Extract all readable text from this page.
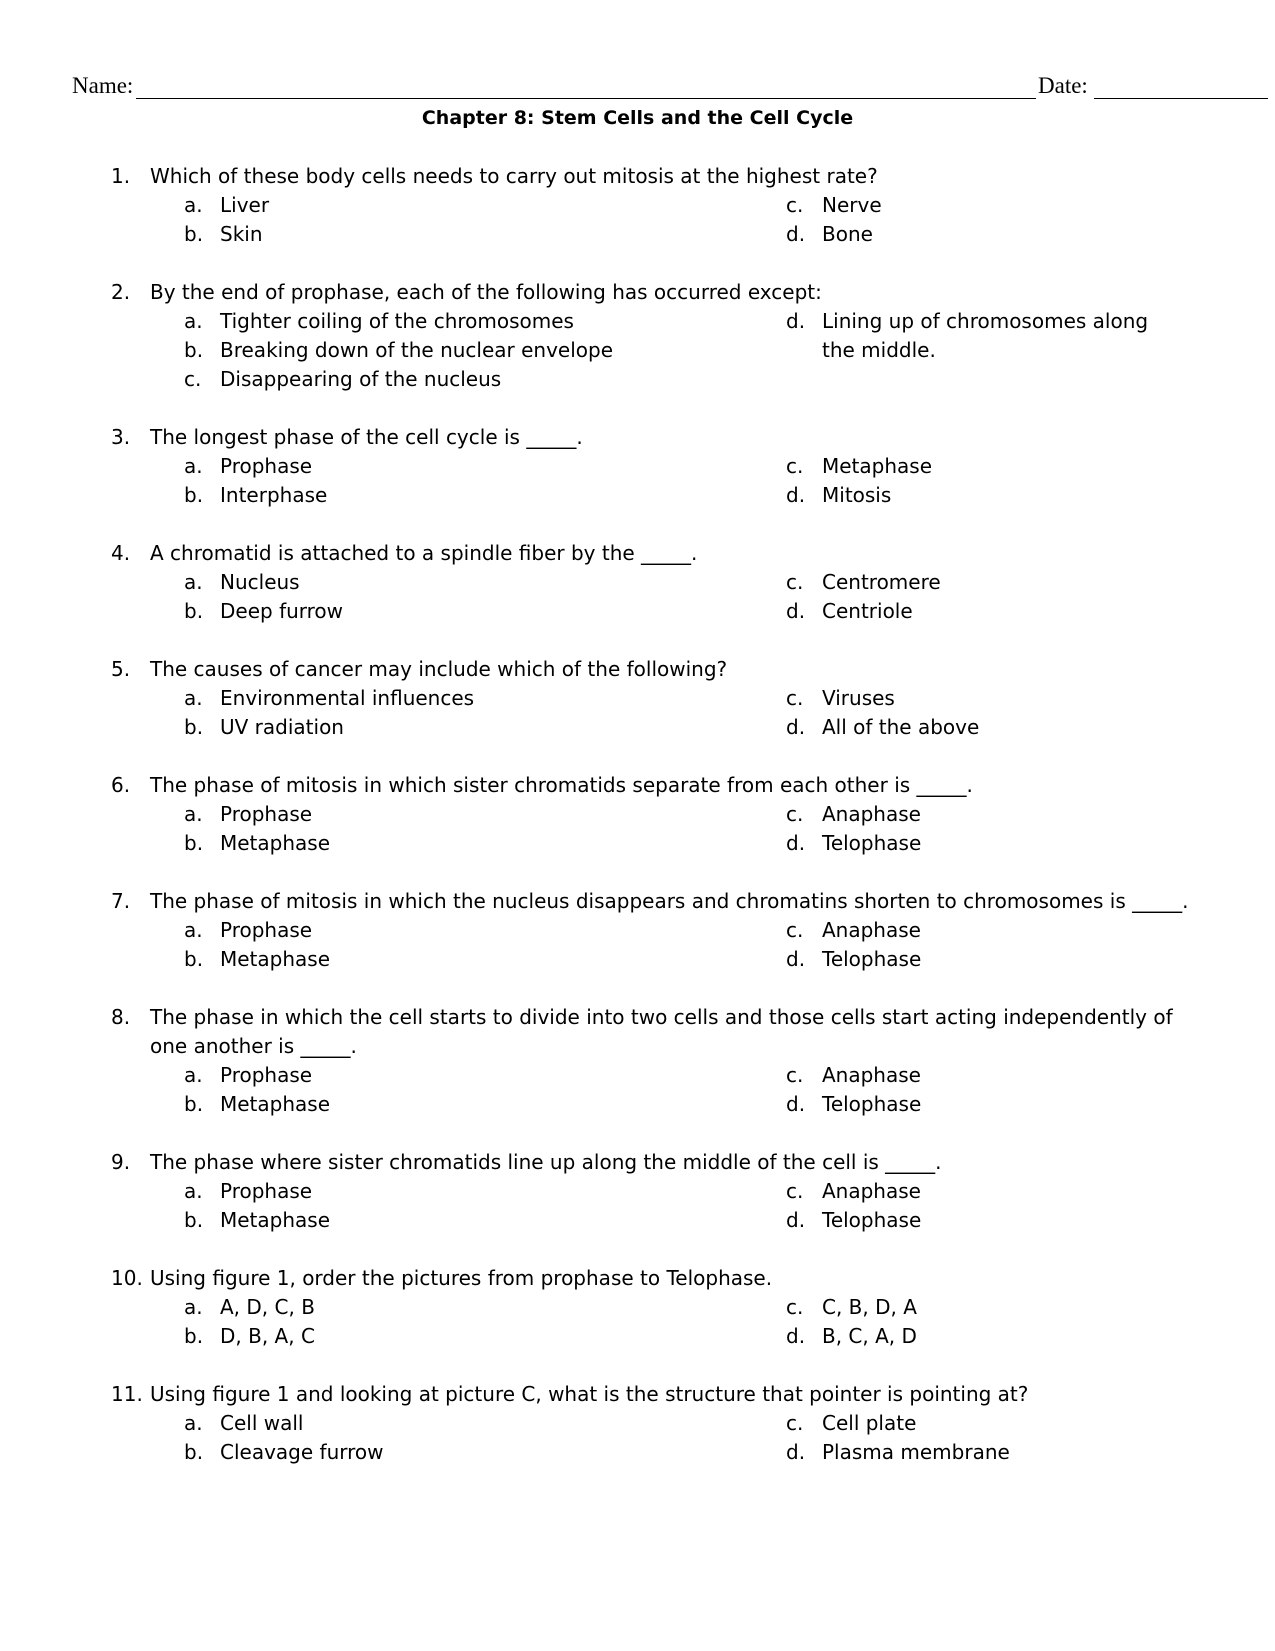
Name:	Date:
Chapter 8: Stem Cells and the Cell Cycle
1. Which of these body cells needs to carry out mitosis at the highest rate?
a. Liver	c. Nerve
b. Skin	d. Bone
2. By the end of prophase, each of the following has occurred except:
a. Tighter coiling of the chromosomes	d. Lining up of chromosomes along the middle.
b. Breaking down of the nuclear envelope
c. Disappearing of the nucleus
3. The longest phase of the cell cycle is _____.
a. Prophase	c. Metaphase
b. Interphase	d. Mitosis
4. A chromatid is attached to a spindle fiber by the _____.
a. Nucleus	c. Centromere
b. Deep furrow	d. Centriole
5. The causes of cancer may include which of the following?
a. Environmental influences	c. Viruses
b. UV radiation	d. All of the above
6. The phase of mitosis in which sister chromatids separate from each other is _____.
a. Prophase	c. Anaphase
b. Metaphase	d. Telophase
7. The phase of mitosis in which the nucleus disappears and chromatins shorten to chromosomes is _____.
a. Prophase	c. Anaphase
b. Metaphase	d. Telophase
8. The phase in which the cell starts to divide into two cells and those cells start acting independently of one another is _____.
a. Prophase	c. Anaphase
b. Metaphase	d. Telophase
9. The phase where sister chromatids line up along the middle of the cell is _____.
a. Prophase	c. Anaphase
b. Metaphase	d. Telophase
10. Using figure 1, order the pictures from prophase to Telophase.
a. A, D, C, B	c. C, B, D, A
b. D, B, A, C	d. B, C, A, D
11. Using figure 1 and looking at picture C, what is the structure that pointer is pointing at?
a. Cell wall	c. Cell plate
b. Cleavage furrow	d. Plasma membrane
